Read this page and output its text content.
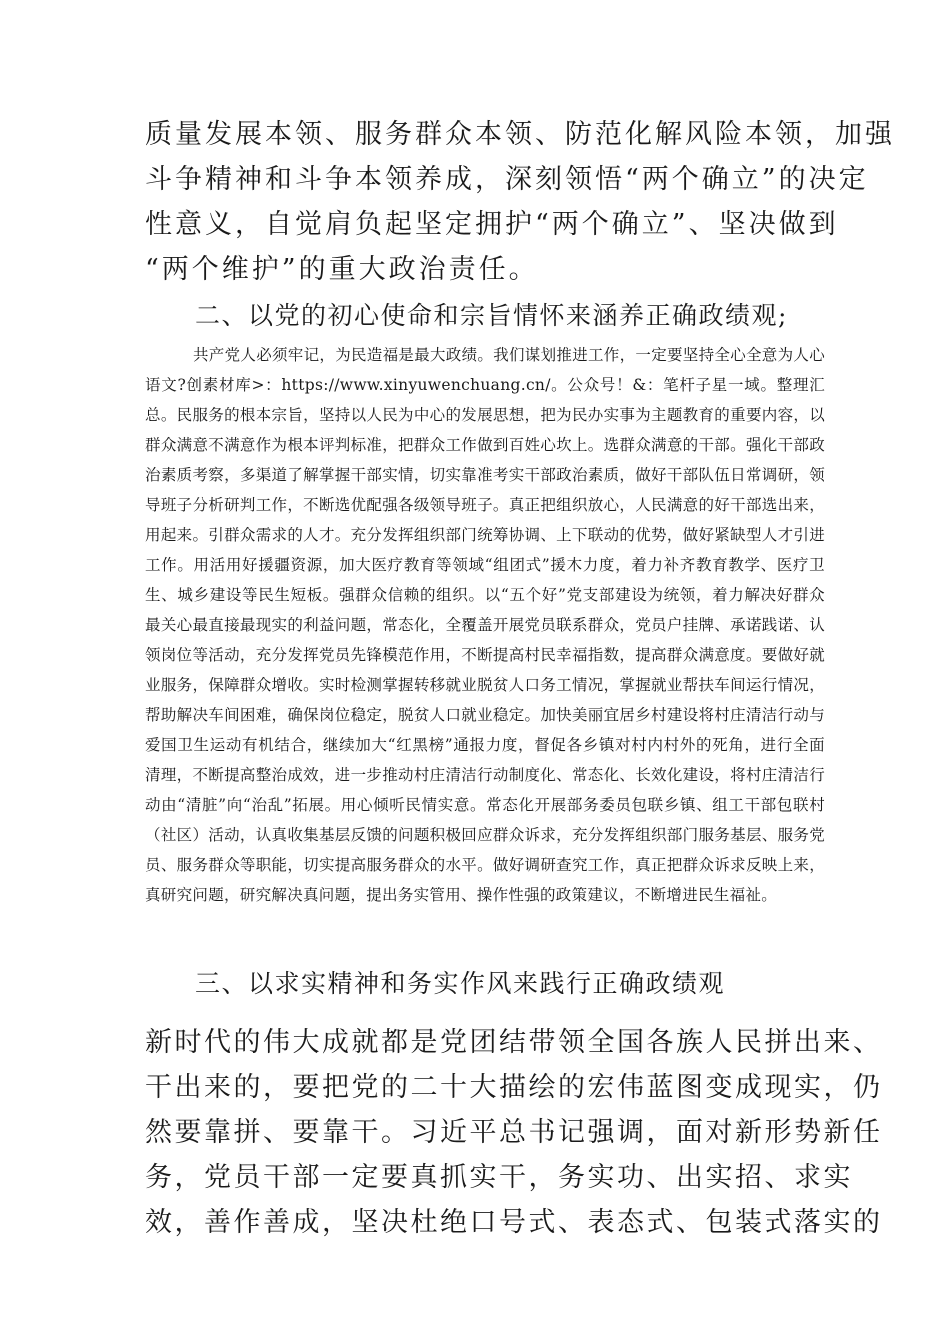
质量发展本领、服务群众本领、防范化解风险本领，加强
斗争精神和斗争本领养成，深刻领悟“两个确立”的决定
性意义，自觉肩负起坚定拥护“两个确立”、坚决做到
“两个维护”的重大政治责任。
二、以党的初心使命和宗旨情怀来涵养正确政绩观;

共产党人必须牢记，为民造福是最大政绩。我们谋划推进工作，一定要坚持全心全意为人心语文?创素材库>：https://www.xinyuwenchuang.cn/。公众号！&：笔杆子星一域。整理汇总。民服务的根本宗旨，坚持以人民为中心的发展思想，把为民办实事为主题教育的重要内容，以群众满意不满意作为根本评判标准，把群众工作做到百姓心坎上。选群众满意的干部。强化干部政治素质考察，多渠道了解掌握干部实情，切实靠准考实干部政治素质，做好干部队伍日常调研，领导班子分析研判工作，不断选优配强各级领导班子。真正把组织放心，人民满意的好干部选出来，用起来。引群众需求的人才。充分发挥组织部门统筹协调、上下联动的优势，做好紧缺型人才引进工作。用活用好援疆资源，加大医疗教育等领域“组团式”援木力度，着力补齐教育教学、医疗卫生、城乡建设等民生短板。强群众信赖的组织。以“五个好”党支部建设为统领，着力解决好群众最关心最直接最现实的利益问题，常态化，全覆盖开展党员联系群众，党员户挂牌、承诺践诺、认领岗位等活动，充分发挥党员先锋模范作用，不断提高村民幸福指数，提高群众满意度。要做好就业服务，保障群众增收。实时检测掌握转移就业脱贫人口务工情况，掌握就业帮扶车间运行情况，帮助解决车间困难，确保岗位稳定，脱贫人口就业稳定。加快美丽宜居乡村建设将村庄清洁行动与爱国卫生运动有机结合，继续加大“红黑榜”通报力度，督促各乡镇对村内村外的死角，进行全面清理，不断提高整治成效，进一步推动村庄清洁行动制度化、常态化、长效化建设，将村庄清洁行动由“清脏”向“治乱”拓展。用心倾听民情实意。常态化开展部务委员包联乡镇、组工干部包联村（社区）活动，认真收集基层反馈的问题积极回应群众诉求，充分发挥组织部门服务基层、服务党员、服务群众等职能，切实提高服务群众的水平。做好调研查究工作，真正把群众诉求反映上来，真研究问题，研究解决真问题，提出务实管用、操作性强的政策建议，不断增进民生福祉。

三、以求实精神和务实作风来践行正确政绩观
新时代的伟大成就都是党团结带领全国各族人民拼出来、
干出来的，要把党的二十大描绘的宏伟蓝图变成现实，仍
然要靠拼、要靠干。习近平总书记强调，面对新形势新任
务，党员干部一定要真抓实干，务实功、出实招、求实
效，善作善成，坚决杜绝口号式、表态式、包装式落实的
